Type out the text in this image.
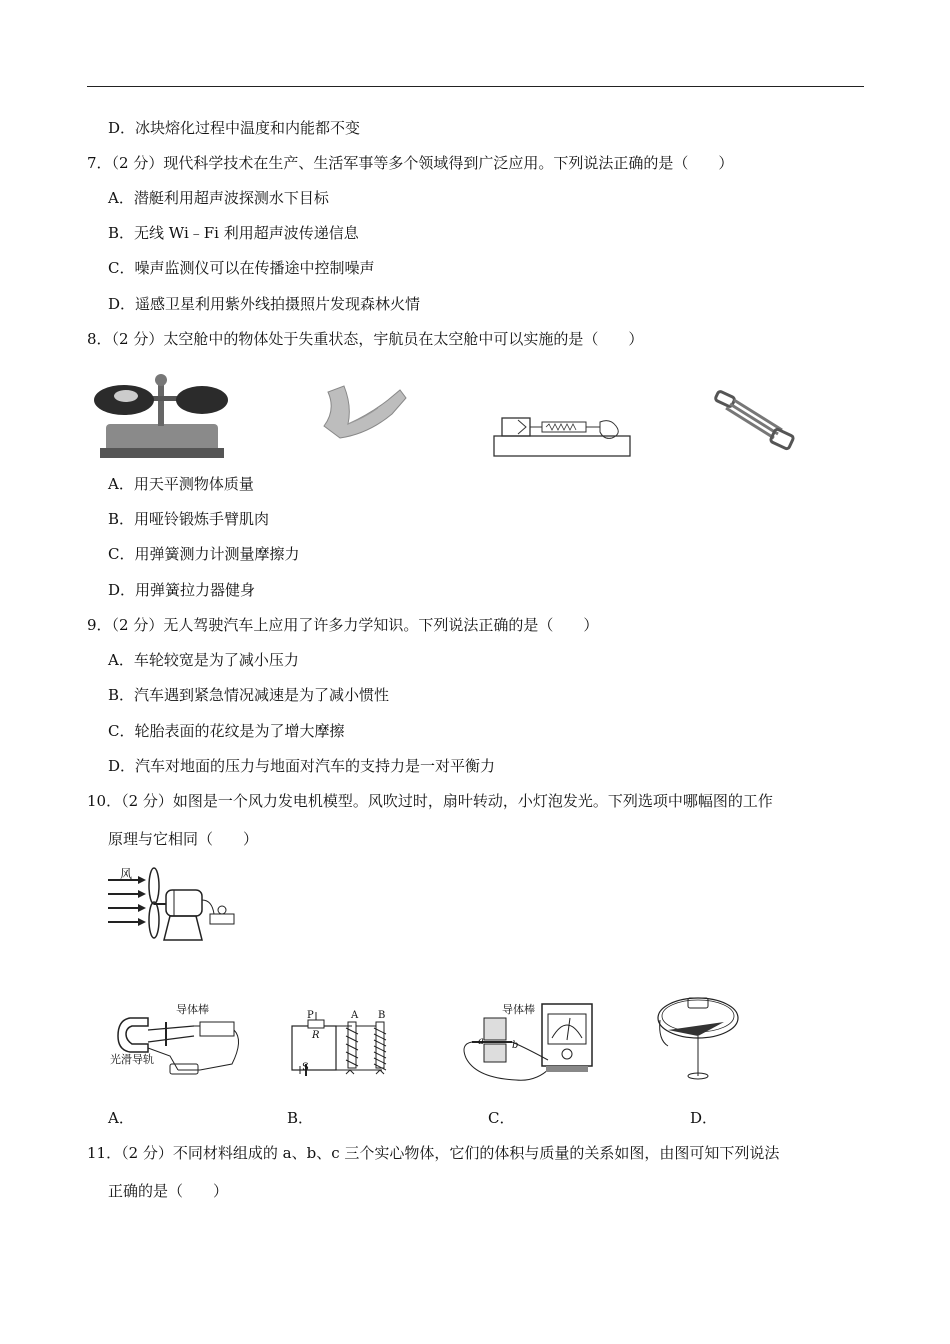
D．冰块熔化过程中温度和内能都不变
7．（2 分）现代科学技术在生产、生活军事等多个领域得到广泛应用。下列说法正确的是（　　）
A．潜艇利用超声波探测水下目标
B．无线 Wi﹣Fi 利用超声波传递信息
C．噪声监测仪可以在传播途中控制噪声
D．遥感卫星利用紫外线拍摄照片发现森林火情
8．（2 分）太空舱中的物体处于失重状态，宇航员在太空舱中可以实施的是（　　）
A．用天平测物体质量
B．用哑铃锻炼手臂肌肉
C．用弹簧测力计测量摩擦力
D．用弹簧拉力器健身
9．（2 分）无人驾驶汽车上应用了许多力学知识。下列说法正确的是（　　）
A．车轮较宽是为了减小压力
B．汽车遇到紧急情况减速是为了减小惯性
C．轮胎表面的花纹是为了增大摩擦
D．汽车对地面的压力与地面对汽车的支持力是一对平衡力
10．（2 分）如图是一个风力发电机模型。风吹过时，扇叶转动，小灯泡发光。下列选项中哪幅图的工作
原理与它相同（　　）
风
导体棒
光滑导轨
P
R
A B
S
导体棒
a	b
A．	B．	C．	D．
11．（2 分）不同材料组成的 a、b、c 三个实心物体，它们的体积与质量的关系如图，由图可知下列说法
正确的是（　　）
